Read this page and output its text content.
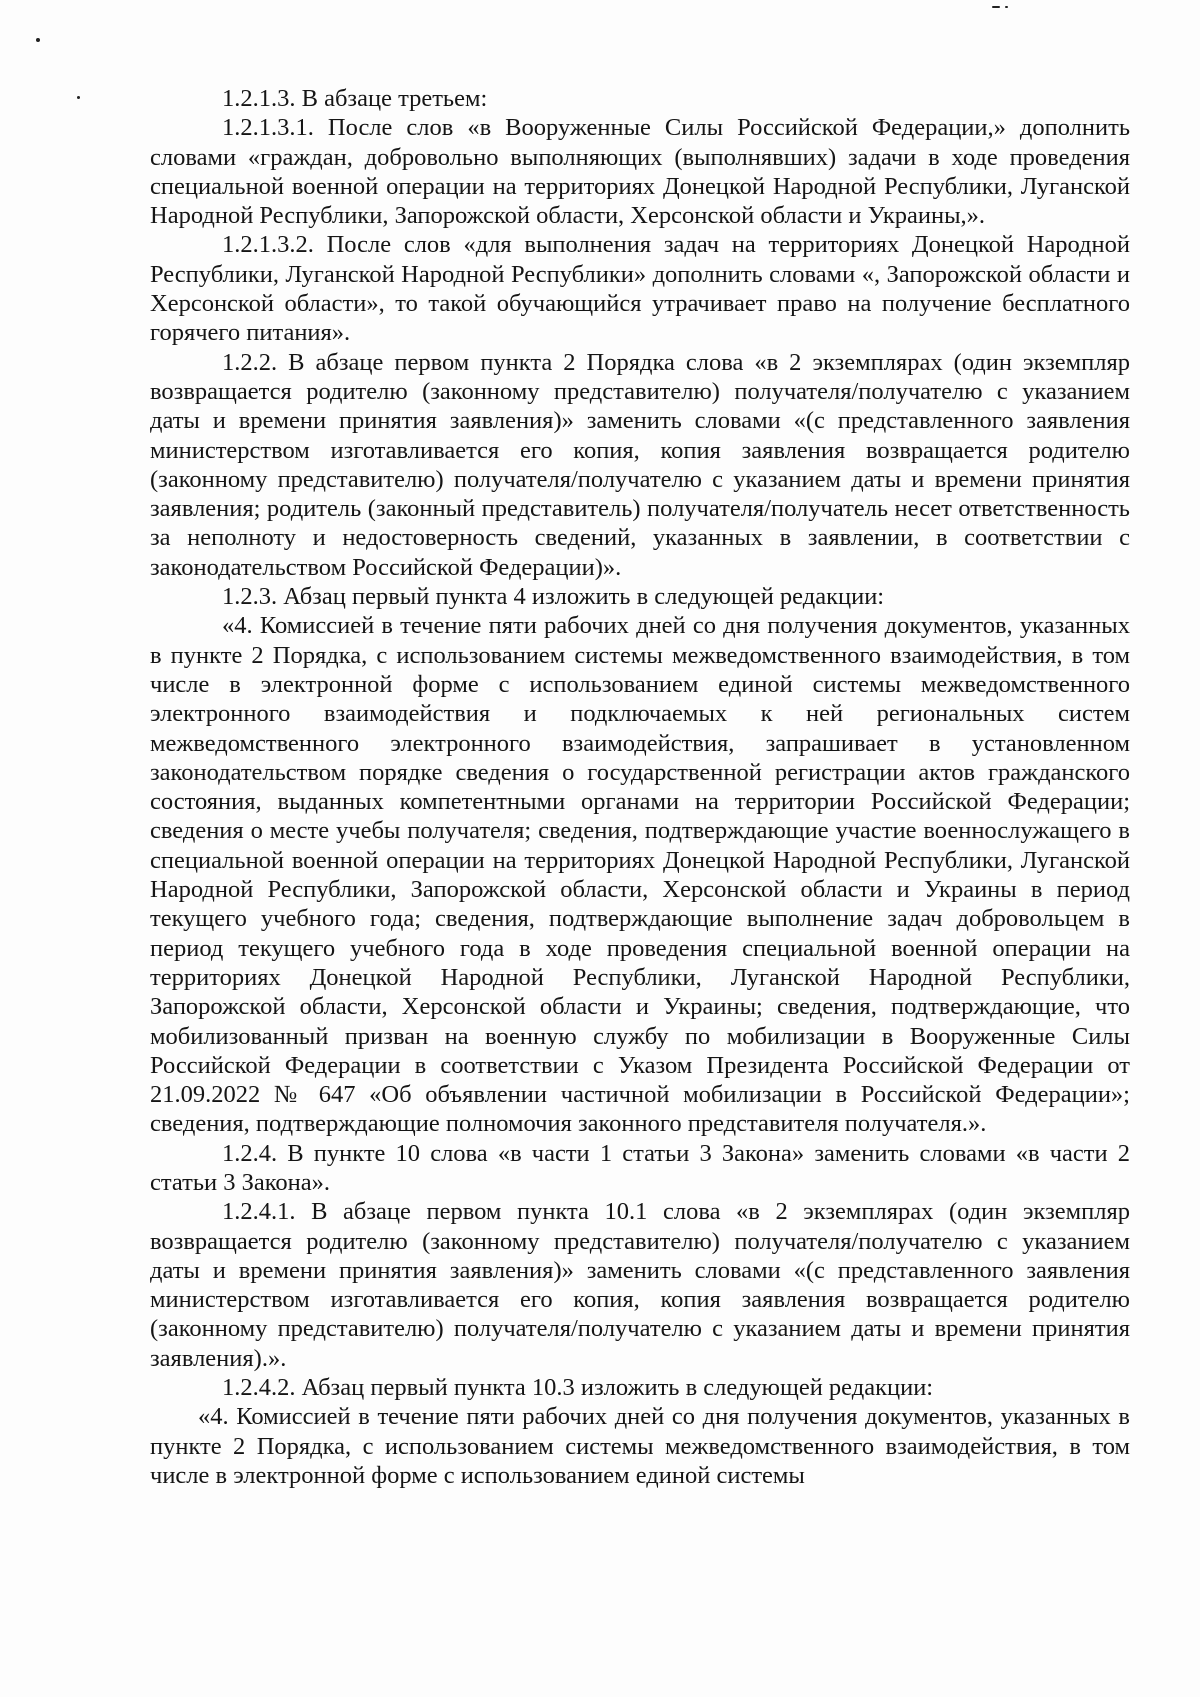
1.2.1.3. В абзаце третьем:

1.2.1.3.1. После слов «в Вооруженные Силы Российской Федерации,» дополнить словами «граждан, добровольно выполняющих (выполнявших) задачи в ходе проведения специальной военной операции на территориях Донецкой Народной Республики, Луганской Народной Республики, Запорожской области, Херсонской области и Украины,».

1.2.1.3.2. После слов «для выполнения задач на территориях Донецкой Народной Республики, Луганской Народной Республики» дополнить словами «, Запорожской области и Херсонской области», то такой обучающийся утрачивает право на получение бесплатного горячего питания».

1.2.2. В абзаце первом пункта 2 Порядка слова «в 2 экземплярах (один экземпляр возвращается родителю (законному представителю) получателя/получателю с указанием даты и времени принятия заявления)» заменить словами «(с представленного заявления министерством изготавливается его копия, копия заявления возвращается родителю (законному представителю) получателя/получателю с указанием даты и времени принятия заявления; родитель (законный представитель) получателя/получатель несет ответственность за неполноту и недостоверность сведений, указанных в заявлении, в соответствии с законодательством Российской Федерации)».

1.2.3. Абзац первый пункта 4 изложить в следующей редакции:

«4. Комиссией в течение пяти рабочих дней со дня получения документов, указанных в пункте 2 Порядка, с использованием системы межведомственного взаимодействия, в том числе в электронной форме с использованием единой системы межведомственного электронного взаимодействия и подключаемых к ней региональных систем межведомственного электронного взаимодействия, запрашивает в установленном законодательством порядке сведения о государственной регистрации актов гражданского состояния, выданных компетентными органами на территории Российской Федерации; сведения о месте учебы получателя; сведения, подтверждающие участие военнослужащего в специальной военной операции на территориях Донецкой Народной Республики, Луганской Народной Республики, Запорожской области, Херсонской области и Украины в период текущего учебного года; сведения, подтверждающие выполнение задач добровольцем в период текущего учебного года в ходе проведения специальной военной операции на территориях Донецкой Народной Республики, Луганской Народной Республики, Запорожской области, Херсонской области и Украины; сведения, подтверждающие, что мобилизованный призван на военную службу по мобилизации в Вооруженные Силы Российской Федерации в соответствии с Указом Президента Российской Федерации от 21.09.2022 № 647 «Об объявлении частичной мобилизации в Российской Федерации»; сведения, подтверждающие полномочия законного представителя получателя.».

1.2.4. В пункте 10 слова «в части 1 статьи 3 Закона» заменить словами «в части 2 статьи 3 Закона».

1.2.4.1. В абзаце первом пункта 10.1 слова «в 2 экземплярах (один экземпляр возвращается родителю (законному представителю) получателя/получателю с указанием даты и времени принятия заявления)» заменить словами «(с представленного заявления министерством изготавливается его копия, копия заявления возвращается родителю (законному представителю) получателя/получателю с указанием даты и времени принятия заявления).».

1.2.4.2. Абзац первый пункта 10.3 изложить в следующей редакции:

«4. Комиссией в течение пяти рабочих дней со дня получения документов, указанных в пункте 2 Порядка, с использованием системы межведомственного взаимодействия, в том числе в электронной форме с использованием единой системы
